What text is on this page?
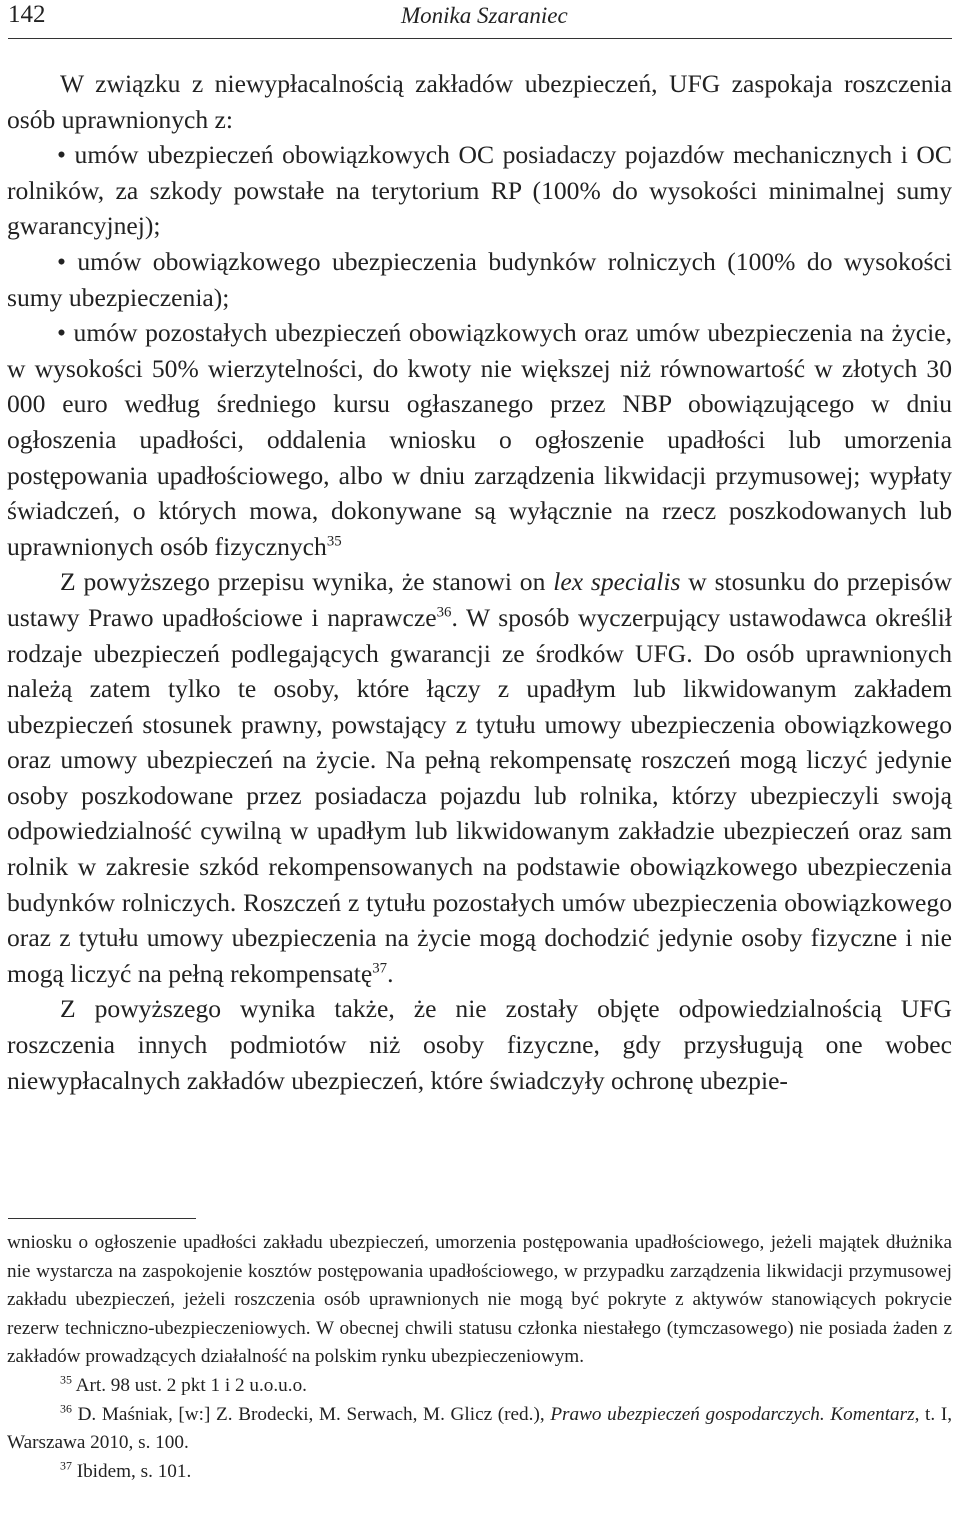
142	Monika Szaraniec

W związku z niewypłacalnością zakładów ubezpieczeń, UFG zaspokaja roszczenia osób uprawnionych z:

• umów ubezpieczeń obowiązkowych OC posiadaczy pojazdów mechanicznych i OC rolników, za szkody powstałe na terytorium RP (100% do wysokości minimalnej sumy gwarancyjnej);

• umów obowiązkowego ubezpieczenia budynków rolniczych (100% do wysokości sumy ubezpieczenia);

• umów pozostałych ubezpieczeń obowiązkowych oraz umów ubezpieczenia na życie, w wysokości 50% wierzytelności, do kwoty nie większej niż równowartość w złotych 30 000 euro według średniego kursu ogłaszanego przez NBP obowiązującego w dniu ogłoszenia upadłości, oddalenia wniosku o ogłoszenie upadłości lub umorzenia postępowania upadłościowego, albo w dniu zarządzenia likwidacji przymusowej; wypłaty świadczeń, o których mowa, dokonywane są wyłącznie na rzecz poszkodowanych lub uprawnionych osób fizycznych$^{35}$

Z powyższego przepisu wynika, że stanowi on lex specialis w stosunku do przepisów ustawy Prawo upadłościowe i naprawcze$^{36}$. W sposób wyczerpujący ustawodawca określił rodzaje ubezpieczeń podlegających gwarancji ze środków UFG. Do osób uprawnionych należą zatem tylko te osoby, które łączy z upadłym lub likwidowanym zakładem ubezpieczeń stosunek prawny, powstający z tytułu umowy ubezpieczenia obowiązkowego oraz umowy ubezpieczeń na życie. Na pełną rekompensatę roszczeń mogą liczyć jedynie osoby poszkodowane przez posiadacza pojazdu lub rolnika, którzy ubezpieczyli swoją odpowiedzialność cywilną w upadłym lub likwidowanym zakładzie ubezpieczeń oraz sam rolnik w zakresie szkód rekompensowanych na podstawie obowiązkowego ubezpieczenia budynków rolniczych. Roszczeń z tytułu pozostałych umów ubezpieczenia obowiązkowego oraz z tytułu umowy ubezpieczenia na życie mogą dochodzić jedynie osoby fizyczne i nie mogą liczyć na pełną rekompensatę$^{37}$.

Z powyższego wynika także, że nie zostały objęte odpowiedzialnością UFG roszczenia innych podmiotów niż osoby fizyczne, gdy przysługują one wobec niewypłacalnych zakładów ubezpieczeń, które świadczyły ochronę ubezpie-

wniosku o ogłoszenie upadłości zakładu ubezpieczeń, umorzenia postępowania upadłościowego, jeżeli majątek dłużnika nie wystarcza na zaspokojenie kosztów postępowania upadłościowego, w przypadku zarządzenia likwidacji przymusowej zakładu ubezpieczeń, jeżeli roszczenia osób uprawnionych nie mogą być pokryte z aktywów stanowiących pokrycie rezerw techniczno-ubezpieczeniowych. W obecnej chwili statusu członka niestałego (tymczasowego) nie posiada żaden z zakładów prowadzących działalność na polskim rynku ubezpieczeniowym.

$^{35}$ Art. 98 ust. 2 pkt 1 i 2 u.o.u.o.

$^{36}$ D. Maśniak, [w:] Z. Brodecki, M. Serwach, M. Glicz (red.), Prawo ubezpieczeń gospodarczych. Komentarz, t. I, Warszawa 2010, s. 100.

$^{37}$ Ibidem, s. 101.
